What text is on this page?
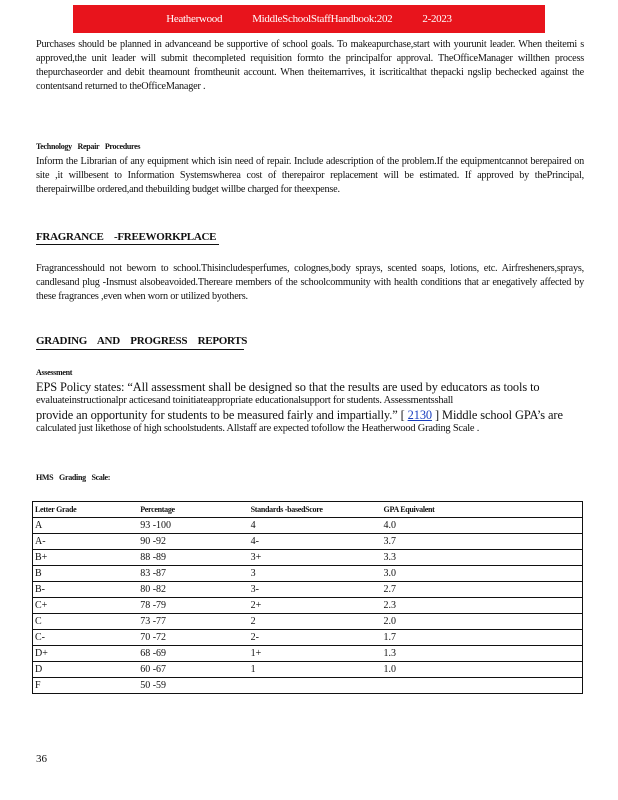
Heatherwood	MiddleSchoolStaffHandbook:202	2-2023

Purchases should be planned in advanceand be supportive of school goals. To makeapurchase,start with yourunit leader. When theitemi s approved,the unit leader will submit thecompleted requisition formto the principalfor approval. TheOfficeManager willthen process thepurchaseorder and debit theamount fromtheunit account. When theitemarrives, it iscriticalthat thepacki ngslip bechecked against the contentsand returned to theOfficeManager .

Technology Repair Procedures

Inform the Librarian of any equipment which isin need of repair. Include adescription of the problem.If the equipmentcannot berepaired on site ,it willbesent to Information Systemswherea cost of therepairor replacement will be estimated. If approved by thePrincipal, therepairwillbe ordered,and thebuilding budget willbe charged for theexpense.

FRAGRANCE -FREEWORKPLACE

Fragrancesshould not beworn to school.Thisincludesperfumes, colognes,body sprays, scented soaps, lotions, etc. Airfresheners,sprays, candlesand plug -Insmust alsobeavoided.Thereare members of the schoolcommunity with health conditions that ar enegatively affected by these fragrances ,even when worn or utilized byothers.

GRADING AND PROGRESS REPORTS
Assessment
EPS Policy states: “All assessment shall be designed so that the results are used by educators as tools to
evaluateinstructionalpr acticesand toinitiateappropriate educationalsupport for students. Assessmentsshall
provide an opportunity for students to be measured fairly and impartially.” [ 2130 ] Middle school GPA’s are
calculated just likethose of high schoolstudents. Allstaff are expected tofollow the Heatherwood Grading Scale .
HMS Grading Scale:
Letter Grade	Percentage	Standards -basedScore	GPA Equivalent
A	93 -100	4	4.0
A-	90 -92	4-	3.7
B+	88 -89	3+	3.3
B	83 -87	3	3.0
B-	80 -82	3-	2.7
C+	78 -79	2+	2.3
C	73 -77	2	2.0
C-	70 -72	2-	1.7
D+	68 -69	1+	1.3
D	60 -67	1	1.0
F	50 -59		
36
